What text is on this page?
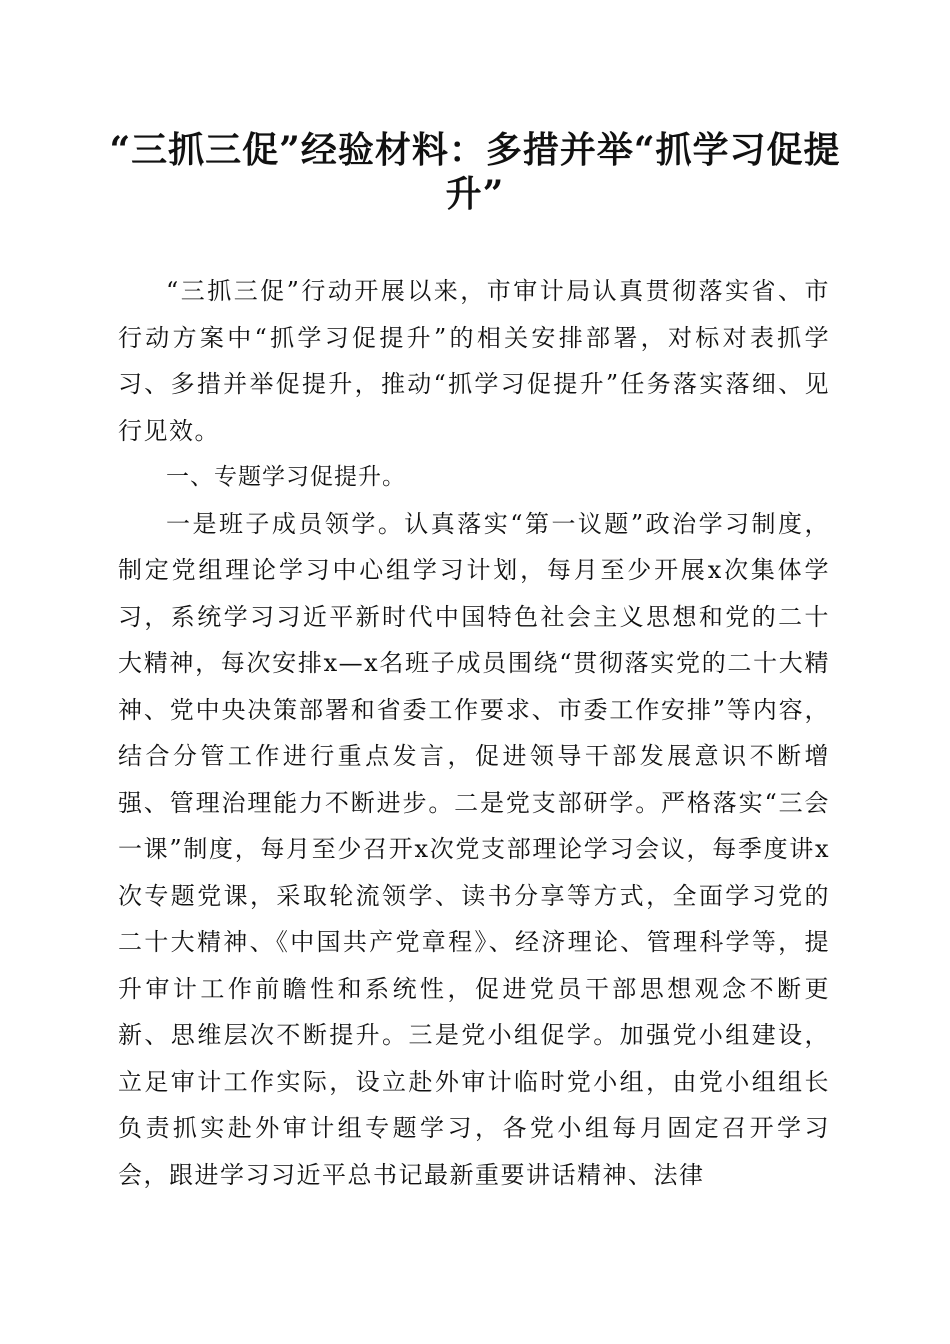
“三抓三促”经验材料：多措并举“抓学习促提升”

“三抓三促”行动开展以来，市审计局认真贯彻落实省、市行动方案中“抓学习促提升”的相关安排部署，对标对表抓学习、多措并举促提升，推动“抓学习促提升”任务落实落细、见行见效。

一、专题学习促提升。

一是班子成员领学。认真落实“第一议题”政治学习制度，制定党组理论学习中心组学习计划，每月至少开展x次集体学习，系统学习习近平新时代中国特色社会主义思想和党的二十大精神，每次安排x—x名班子成员围绕“贯彻落实党的二十大精神、党中央决策部署和省委工作要求、市委工作安排”等内容，结合分管工作进行重点发言，促进领导干部发展意识不断增强、管理治理能力不断进步。二是党支部研学。严格落实“三会一课”制度，每月至少召开x次党支部理论学习会议，每季度讲x次专题党课，采取轮流领学、读书分享等方式，全面学习党的二十大精神、《中国共产党章程》、经济理论、管理科学等，提升审计工作前瞻性和系统性，促进党员干部思想观念不断更新、思维层次不断提升。三是党小组促学。加强党小组建设，立足审计工作实际，设立赴外审计临时党小组，由党小组组长负责抓实赴外审计组专题学习，各党小组每月固定召开学习会，跟进学习习近平总书记最新重要讲话精神、法律
